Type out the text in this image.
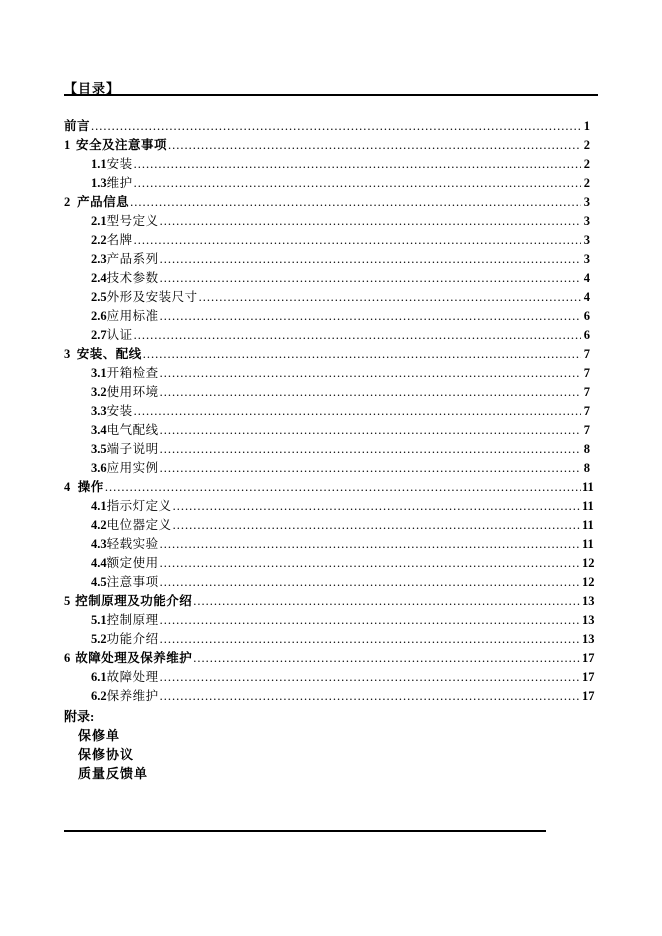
【目录】
前言 .....	1
1 安全及注意事项 .....	2
1.1 安装 .....	2
1.3 维护 .....	2
2 产品信息 .....	3
2.1 型号定义 .....	3
2.2 名牌 .....	3
2.3 产品系列 .....	3
2.4 技术参数 .....	4
2.5 外形及安装尺寸 .....	4
2.6 应用标准 .....	6
2.7 认证 .....	6
3 安装、配线 .....	7
3.1 开箱检查 .....	7
3.2 使用环境 .....	7
3.3 安装 .....	7
3.4 电气配线 .....	7
3.5 端子说明 .....	8
3.6 应用实例 .....	8
4 操作 .....	11
4.1 指示灯定义 .....	11
4.2 电位器定义 .....	11
4.3 轻载实验 .....	11
4.4 额定使用 .....	12
4.5 注意事项 .....	12
5 控制原理及功能介绍 .....	13
5.1 控制原理 .....	13
5.2 功能介绍 .....	13
6 故障处理及保养维护 .....	17
6.1 故障处理 .....	17
6.2 保养维护 .....	17
附录:
保修单
保修协议
质量反馈单
